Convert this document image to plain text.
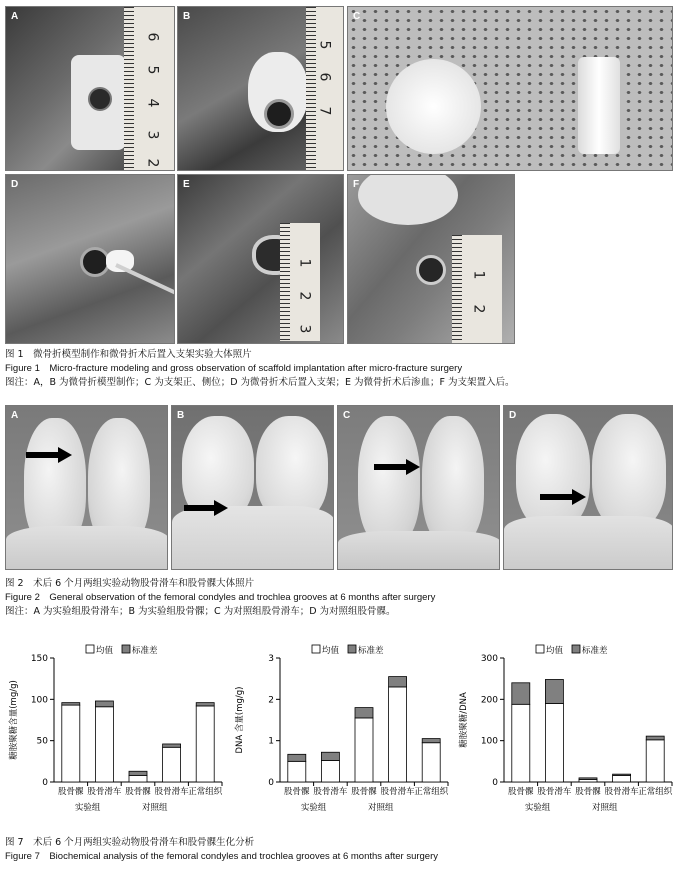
6
5
4
3
2
A
5
6
7
B	C
D
1
2
3
E
1
2
F
图 1　微骨折模型制作和微骨折术后置入支架实验大体照片
Figure 1　Micro-fracture modeling and gross observation of scaffold implantation after micro-fracture surgery
图注：A，B 为微骨折模型制作；C 为支架正、侧位；D 为微骨折术后置入支架；E 为微骨折术后渗血；F 为支架置入后。
A	B	C	D
图 2　术后 6 个月两组实验动物股骨滑车和股骨髁大体照片
Figure 2　General observation of the femoral condyles and trochlea grooves at 6 months after surgery
图注：A 为实验组股骨滑车；B 为实验组股骨髁；C 为对照组股骨滑车；D 为对照组股骨髁。
均值 标准差
0
50
100
150
糖胺聚糖含量(mg/g)
股骨髁 股骨滑车 股骨髁 股骨滑车 正常组织
实验组	对照组
均值 标准差
0
1
2
3
DNA 含量(mg/g)
股骨髁 股骨滑车 股骨髁 股骨滑车 正常组织
实验组	对照组
均值 标准差
0
100
200
300
糖胺聚糖/DNA
股骨髁 股骨滑车 股骨髁 股骨滑车 正常组织
实验组	对照组
图 7　术后 6 个月两组实验动物股骨滑车和股骨髁生化分析
Figure 7　Biochemical analysis of the femoral condyles and trochlea grooves at 6 months after surgery
